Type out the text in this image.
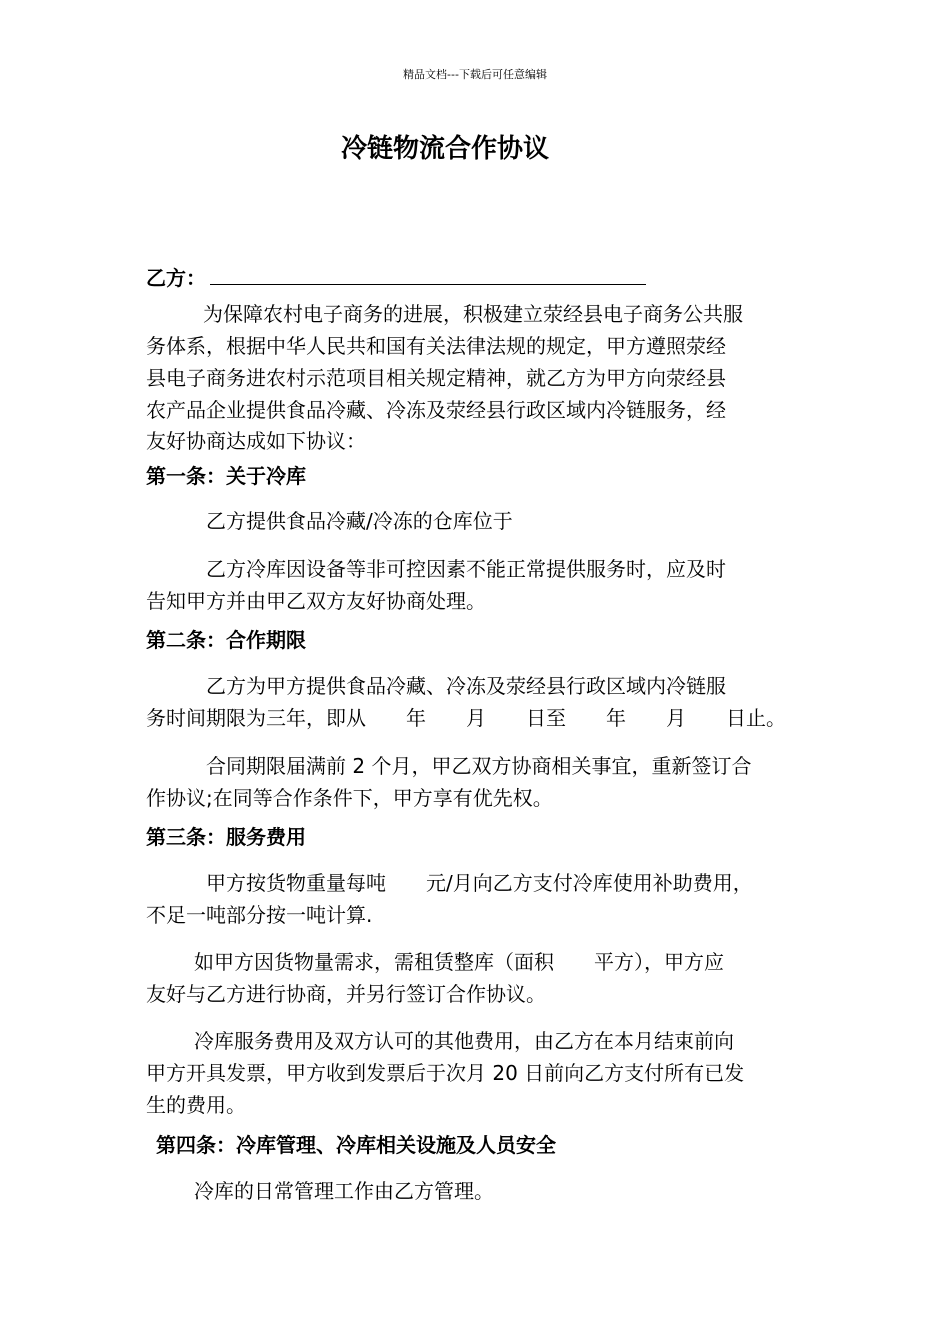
精品文档---下载后可任意编辑
冷链物流合作协议
乙方：
为保障农村电子商务的进展，积极建立荥经县电子商务公共服
务体系，根据中华人民共和国有关法律法规的规定，甲方遵照荥经
县电子商务进农村示范项目相关规定精神，就乙方为甲方向荥经县
农产品企业提供食品冷藏、冷冻及荥经县行政区域内冷链服务，经
友好协商达成如下协议：
第一条：关于冷库
乙方提供食品冷藏/冷冻的仓库位于
乙方冷库因设备等非可控因素不能正常提供服务时，应及时
告知甲方并由甲乙双方友好协商处理。
第二条：合作期限
乙方为甲方提供食品冷藏、冷冻及荥经县行政区域内冷链服
务时间期限为三年，即从　　年　　月　　日至　　年　　月　　日止。
合同期限届满前 2 个月，甲乙双方协商相关事宜，重新签订合
作协议;在同等合作条件下，甲方享有优先权。
第三条：服务费用
甲方按货物重量每吨　　元/月向乙方支付冷库使用补助费用，
不足一吨部分按一吨计算.
如甲方因货物量需求，需租赁整库（面积　　平方），甲方应
友好与乙方进行协商，并另行签订合作协议。
冷库服务费用及双方认可的其他费用，由乙方在本月结束前向
甲方开具发票，甲方收到发票后于次月 20 日前向乙方支付所有已发
生的费用。
第四条：冷库管理、冷库相关设施及人员安全
冷库的日常管理工作由乙方管理。
